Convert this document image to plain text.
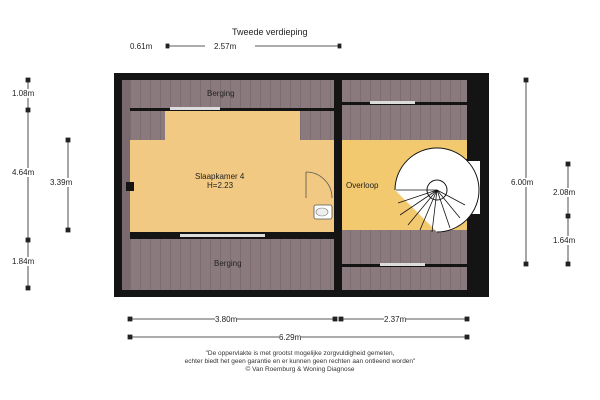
Tweede verdieping
Berging
Slaapkamer 4
H=2.23	Overloop
Berging
0.61m	2.57m
1.08m
4.64m
1.84m
3.39m	6.00m
2.08m
1.64m
3.80m	2.37m
6.29m
"De oppervlakte is met grootst mogelijke zorgvuldigheid gemeten,
echter biedt het geen garantie en er kunnen geen rechten aan ontleend worden"
© Van Roemburg & Woning Diagnose
